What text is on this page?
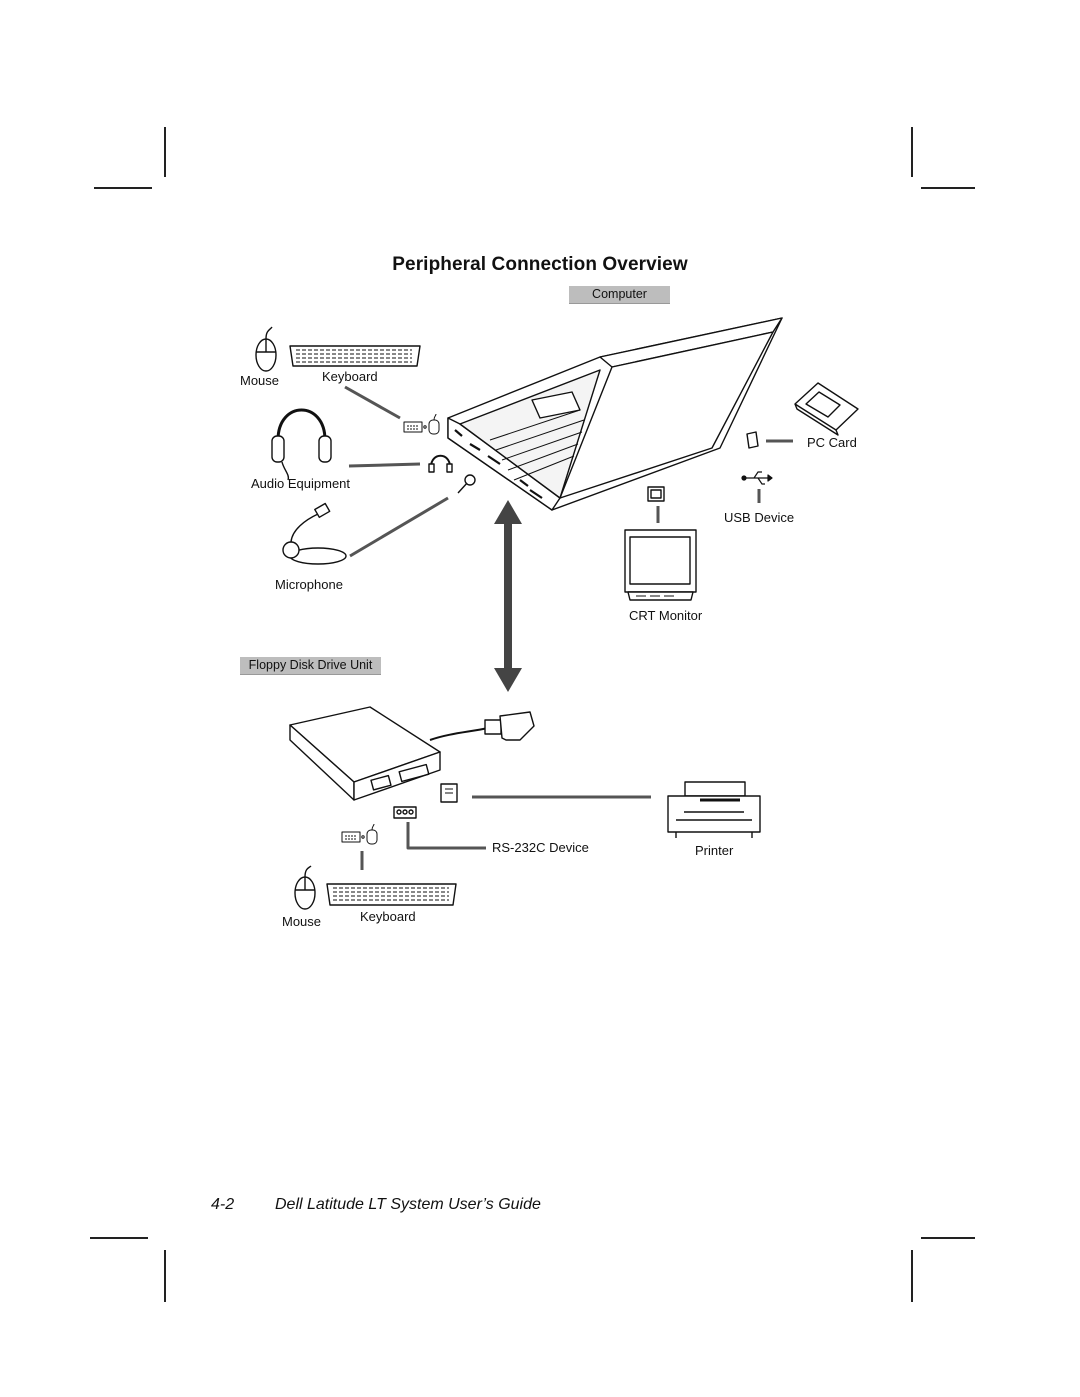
Peripheral Connection Overview
Computer
Mouse	Keyboard
Audio Equipment
Microphone
PC Card
USB Device
CRT Monitor
Floppy Disk Drive Unit
RS-232C Device	Printer
Mouse	Keyboard
4-2	Dell Latitude LT System User’s Guide
